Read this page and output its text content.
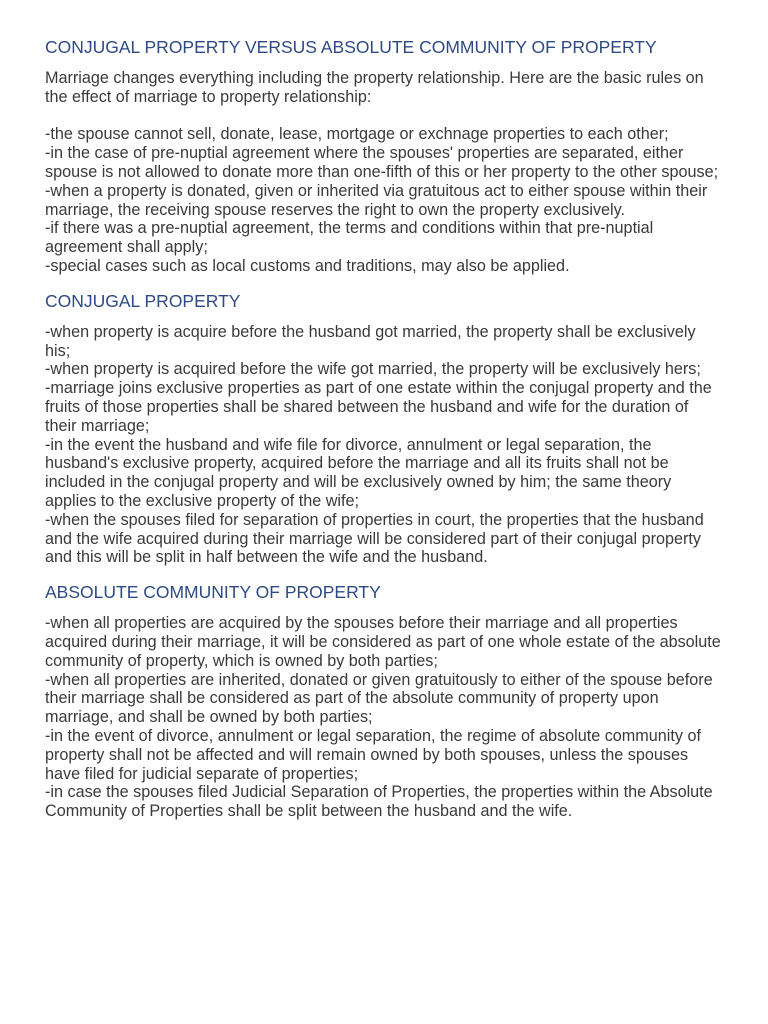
CONJUGAL PROPERTY VERSUS ABSOLUTE COMMUNITY OF PROPERTY

Marriage changes everything including the property relationship. Here are the basic rules on the effect of marriage to property relationship:

-the spouse cannot sell, donate, lease, mortgage or exchnage properties to each other;

-in the case of pre-nuptial agreement where the spouses' properties are separated, either spouse is not allowed to donate more than one-fifth of this or her property to the other spouse;

-when a property is donated, given or inherited via gratuitous act to either spouse within their marriage, the receiving spouse reserves the right to own the property exclusively.

-if there was a pre-nuptial agreement, the terms and conditions within that pre-nuptial agreement shall apply;

-special cases such as local customs and traditions, may also be applied.

CONJUGAL PROPERTY

-when property is acquire before the husband got married, the property shall be exclusively his;

-when property is acquired before the wife got married, the property will be exclusively hers;

-marriage joins exclusive properties as part of one estate within the conjugal property and the fruits of those properties shall be shared between the husband and wife for the duration of their marriage;

-in the event the husband and wife file for divorce, annulment or legal separation, the husband's exclusive property, acquired before the marriage and all its fruits shall not be included in the conjugal property and will be exclusively owned by him; the same theory applies to the exclusive property of the wife;

-when the spouses filed for separation of properties in court, the properties that the husband and the wife acquired during their marriage will be considered part of their conjugal property and this will be split in half between the wife and the husband.

ABSOLUTE COMMUNITY OF PROPERTY

-when all properties are acquired by the spouses before their marriage and all properties acquired during their marriage, it will be considered as part of one whole estate of the absolute community of property, which is owned by both parties;

-when all properties are inherited, donated or given gratuitously to either of the spouse before their marriage shall be considered as part of the absolute community of property upon marriage, and shall be owned by both parties;

-in the event of divorce, annulment or legal separation, the regime of absolute community of property shall not be affected and will remain owned by both spouses, unless the spouses have filed for judicial separate of properties;

-in case the spouses filed Judicial Separation of Properties, the properties within the Absolute Community of Properties shall be split between the husband and the wife.
